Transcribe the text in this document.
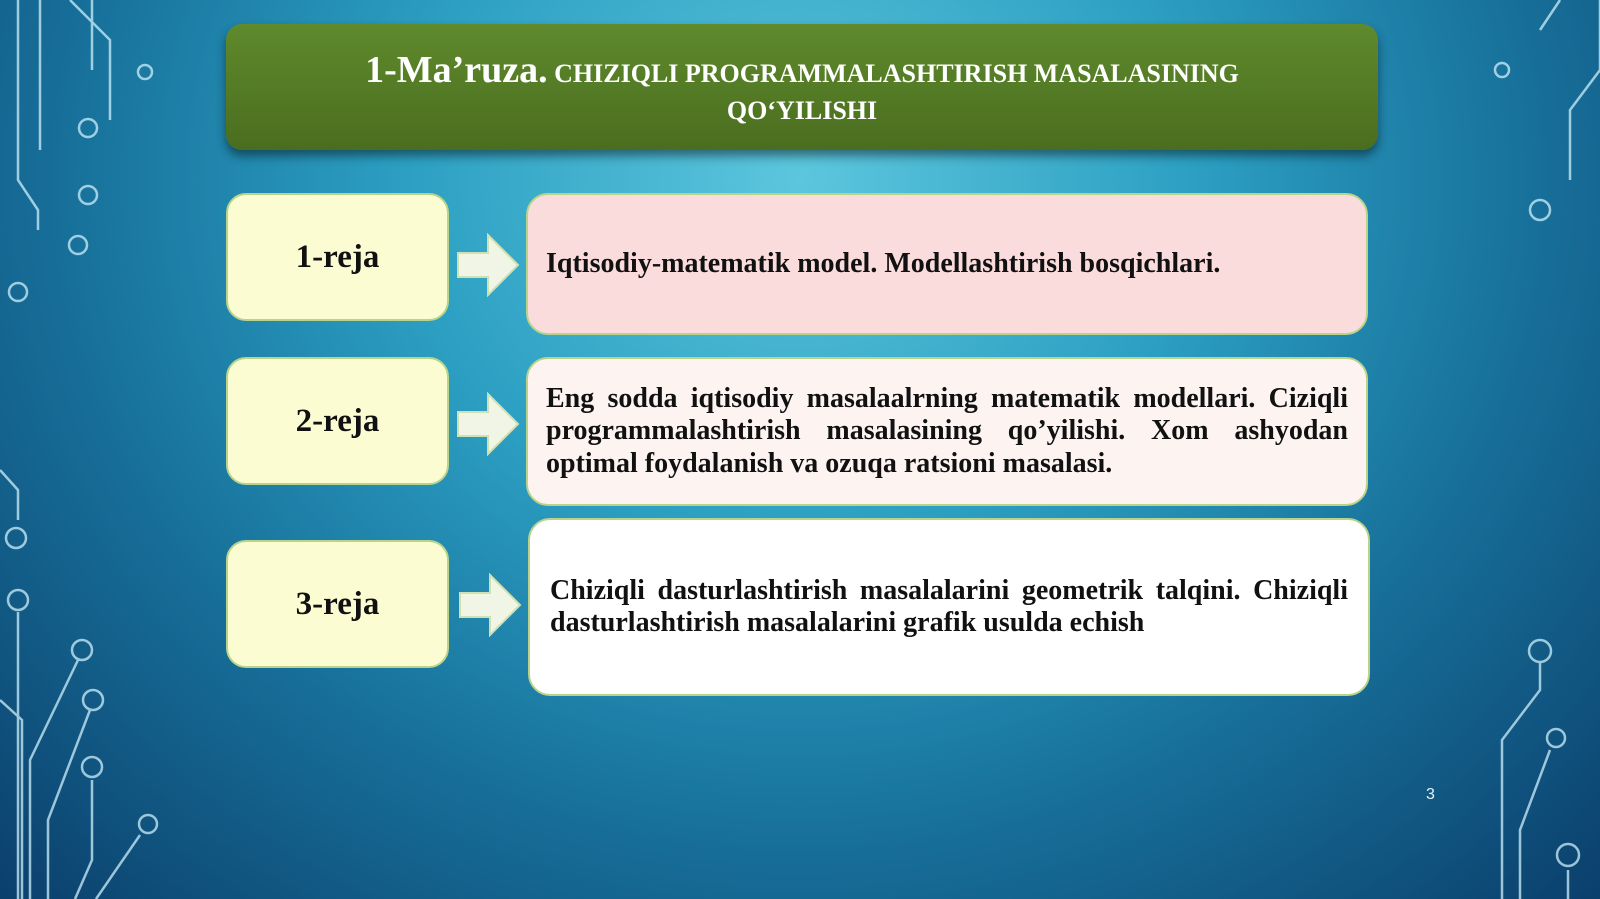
1-Ma’ruza. CHIZIQLI PROGRAMMALASHTIRISH MASALASINING
QO‘YILISHI
1-reja	Iqtisodiy-matematik model. Modellashtirish bosqichlari.
2-reja
Eng sodda iqtisodiy masalaalrning matematik modellari. Ciziqli programmalashtirish masalasining qo’yilishi. Xom ashyodan optimal foydalanish va ozuqa ratsioni masalasi.
3-reja	Chiziqli dasturlashtirish masalalarini geometrik talqini. Chiziqli dasturlashtirish masalalarini grafik usulda echish
3
